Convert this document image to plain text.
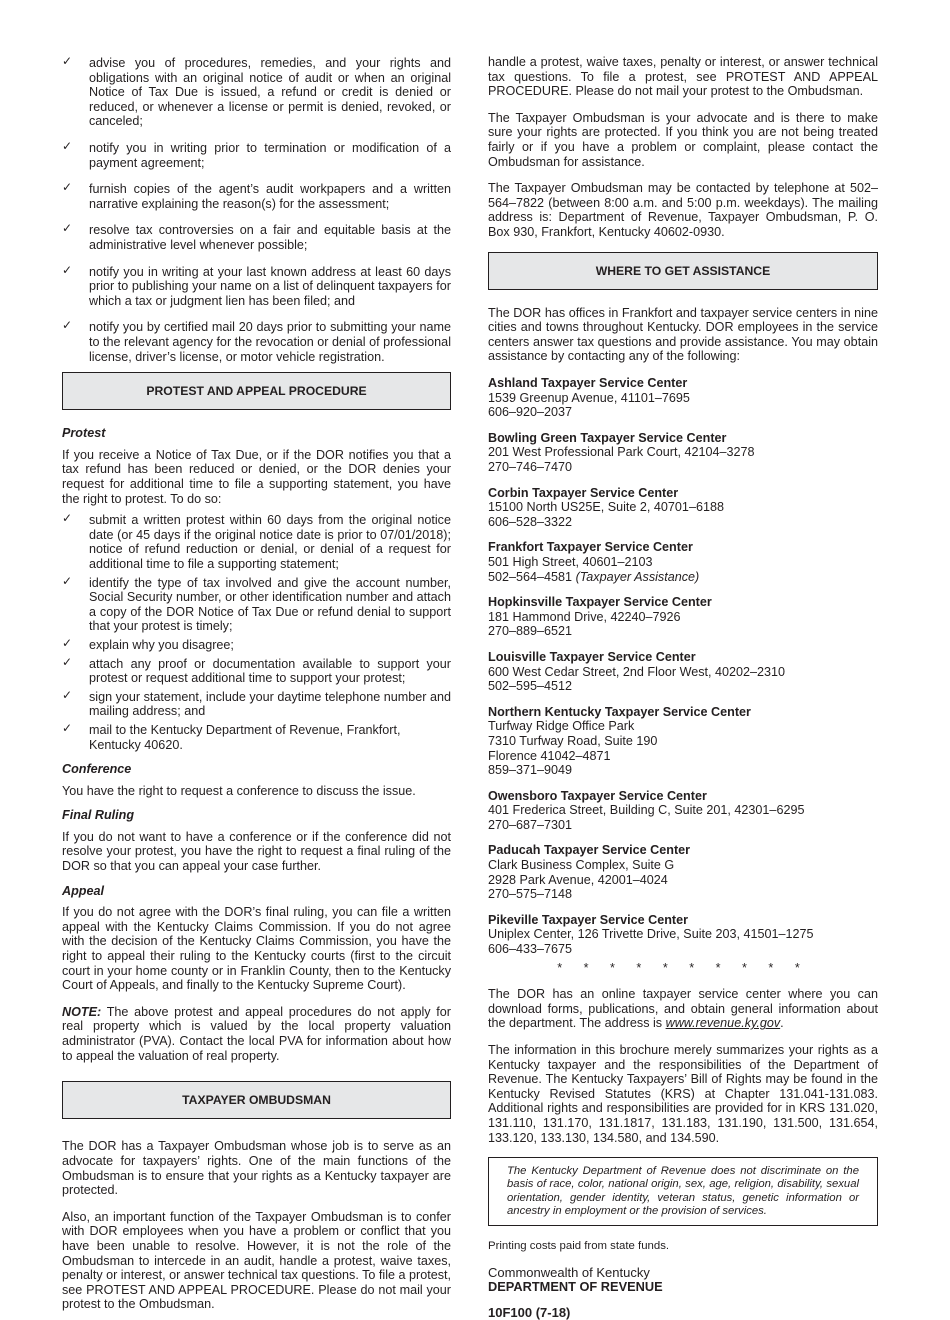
✓ advise you of procedures, remedies, and your rights and obligations with an original notice of audit or when an original Notice of Tax Due is issued, a refund or credit is denied or reduced, or whenever a license or permit is denied, revoked, or canceled;
✓ notify you in writing prior to termination or modification of a payment agreement;
✓ furnish copies of the agent’s audit workpapers and a written narrative explaining the reason(s) for the assessment;
✓ resolve tax controversies on a fair and equitable basis at the administrative level whenever possible;
✓ notify you in writing at your last known address at least 60 days prior to publishing your name on a list of delinquent taxpayers for which a tax or judgment lien has been filed; and
✓ notify you by certified mail 20 days prior to submitting your name to the relevant agency for the revocation or denial of professional license, driver’s license, or motor vehicle registration.
PROTEST AND APPEAL PROCEDURE
Protest

If you receive a Notice of Tax Due, or if the DOR notifies you that a tax refund has been reduced or denied, or the DOR denies your request for additional time to file a supporting statement, you have the right to protest. To do so:

✓ submit a written protest within 60 days from the original notice date (or 45 days if the original notice date is prior to 07/01/2018); notice of refund reduction or denial, or denial of a request for additional time to file a supporting statement;
✓ identify the type of tax involved and give the account number, Social Security number, or other identification number and attach a copy of the DOR Notice of Tax Due or refund denial to support that your protest is timely;
✓ explain why you disagree;
✓ attach any proof or documentation available to support your protest or request additional time to support your protest;
✓ sign your statement, include your daytime telephone number and mailing address; and
✓ mail to the Kentucky Department of Revenue, Frankfort, Kentucky 40620.
Conference

You have the right to request a conference to discuss the issue.

Final Ruling

If you do not want to have a conference or if the conference did not resolve your protest, you have the right to request a final ruling of the DOR so that you can appeal your case further.

Appeal

If you do not agree with the DOR’s final ruling, you can file a written appeal with the Kentucky Claims Commission. If you do not agree with the decision of the Kentucky Claims Commission, you have the right to appeal their ruling to the Kentucky courts (first to the circuit court in your home county or in Franklin County, then to the Kentucky Court of Appeals, and finally to the Kentucky Supreme Court).

NOTE: The above protest and appeal procedures do not apply for real property which is valued by the local property valuation administrator (PVA). Contact the local PVA for information about how to appeal the valuation of real property.

TAXPAYER OMBUDSMAN

The DOR has a Taxpayer Ombudsman whose job is to serve as an advocate for taxpayers’ rights. One of the main functions of the Ombudsman is to ensure that your rights as a Kentucky taxpayer are protected.

Also, an important function of the Taxpayer Ombudsman is to confer with DOR employees when you have a problem or conflict that you have been unable to resolve. However, it is not the role of the Ombudsman to intercede in an audit, handle a protest, waive taxes, penalty or interest, or answer technical tax questions. To file a protest, see PROTEST AND APPEAL PROCEDURE. Please do not mail your protest to the Ombudsman.

handle a protest, waive taxes, penalty or interest, or answer technical tax questions. To file a protest, see PROTEST AND APPEAL PROCEDURE. Please do not mail your protest to the Ombudsman.

The Taxpayer Ombudsman is your advocate and is there to make sure your rights are protected. If you think you are not being treated fairly or if you have a problem or complaint, please contact the Ombudsman for assistance.

The Taxpayer Ombudsman may be contacted by telephone at 502–564–7822 (between 8:00 a.m. and 5:00 p.m. weekdays). The mailing address is: Department of Revenue, Taxpayer Ombudsman, P. O. Box 930, Frankfort, Kentucky 40602-0930.

WHERE TO GET ASSISTANCE

The DOR has offices in Frankfort and taxpayer service centers in nine cities and towns throughout Kentucky. DOR employees in the service centers answer tax questions and provide assistance. You may obtain assistance by contacting any of the following:

Ashland Taxpayer Service Center
1539 Greenup Avenue, 41101–7695
606–920–2037
Bowling Green Taxpayer Service Center
201 West Professional Park Court, 42104–3278
270–746–7470
Corbin Taxpayer Service Center
15100 North US25E, Suite 2, 40701–6188
606–528–3322
Frankfort Taxpayer Service Center
501 High Street, 40601–2103
502–564–4581 (Taxpayer Assistance)
Hopkinsville Taxpayer Service Center
181 Hammond Drive, 42240–7926
270–889–6521
Louisville Taxpayer Service Center
600 West Cedar Street, 2nd Floor West, 40202–2310
502–595–4512
Northern Kentucky Taxpayer Service Center
Turfway Ridge Office Park
7310 Turfway Road, Suite 190
Florence 41042–4871
859–371–9049
Owensboro Taxpayer Service Center
401 Frederica Street, Building C, Suite 201, 42301–6295
270–687–7301
Paducah Taxpayer Service Center
Clark Business Complex, Suite G
2928 Park Avenue, 42001–4024
270–575–7148
Pikeville Taxpayer Service Center
Uniplex Center, 126 Trivette Drive, Suite 203, 41501–1275
606–433–7675
* * * * * * * * * *

The DOR has an online taxpayer service center where you can download forms, publications, and obtain general information about the department. The address is www.revenue.ky.gov.

The information in this brochure merely summarizes your rights as a Kentucky taxpayer and the responsibilities of the Department of Revenue. The Kentucky Taxpayers’ Bill of Rights may be found in the Kentucky Revised Statutes (KRS) at Chapter 131.041-131.083. Additional rights and responsibilities are provided for in KRS 131.020, 131.110, 131.170, 131.1817, 131.183, 131.190, 131.500, 131.654, 133.120, 133.130, 134.580, and 134.590.

The Kentucky Department of Revenue does not discriminate on the basis of race, color, national origin, sex, age, religion, disability, sexual orientation, gender identity, veteran status, genetic information or ancestry in employment or the provision of services.
Printing costs paid from state funds.
Commonwealth of Kentucky
DEPARTMENT OF REVENUE
10F100 (7-18)
